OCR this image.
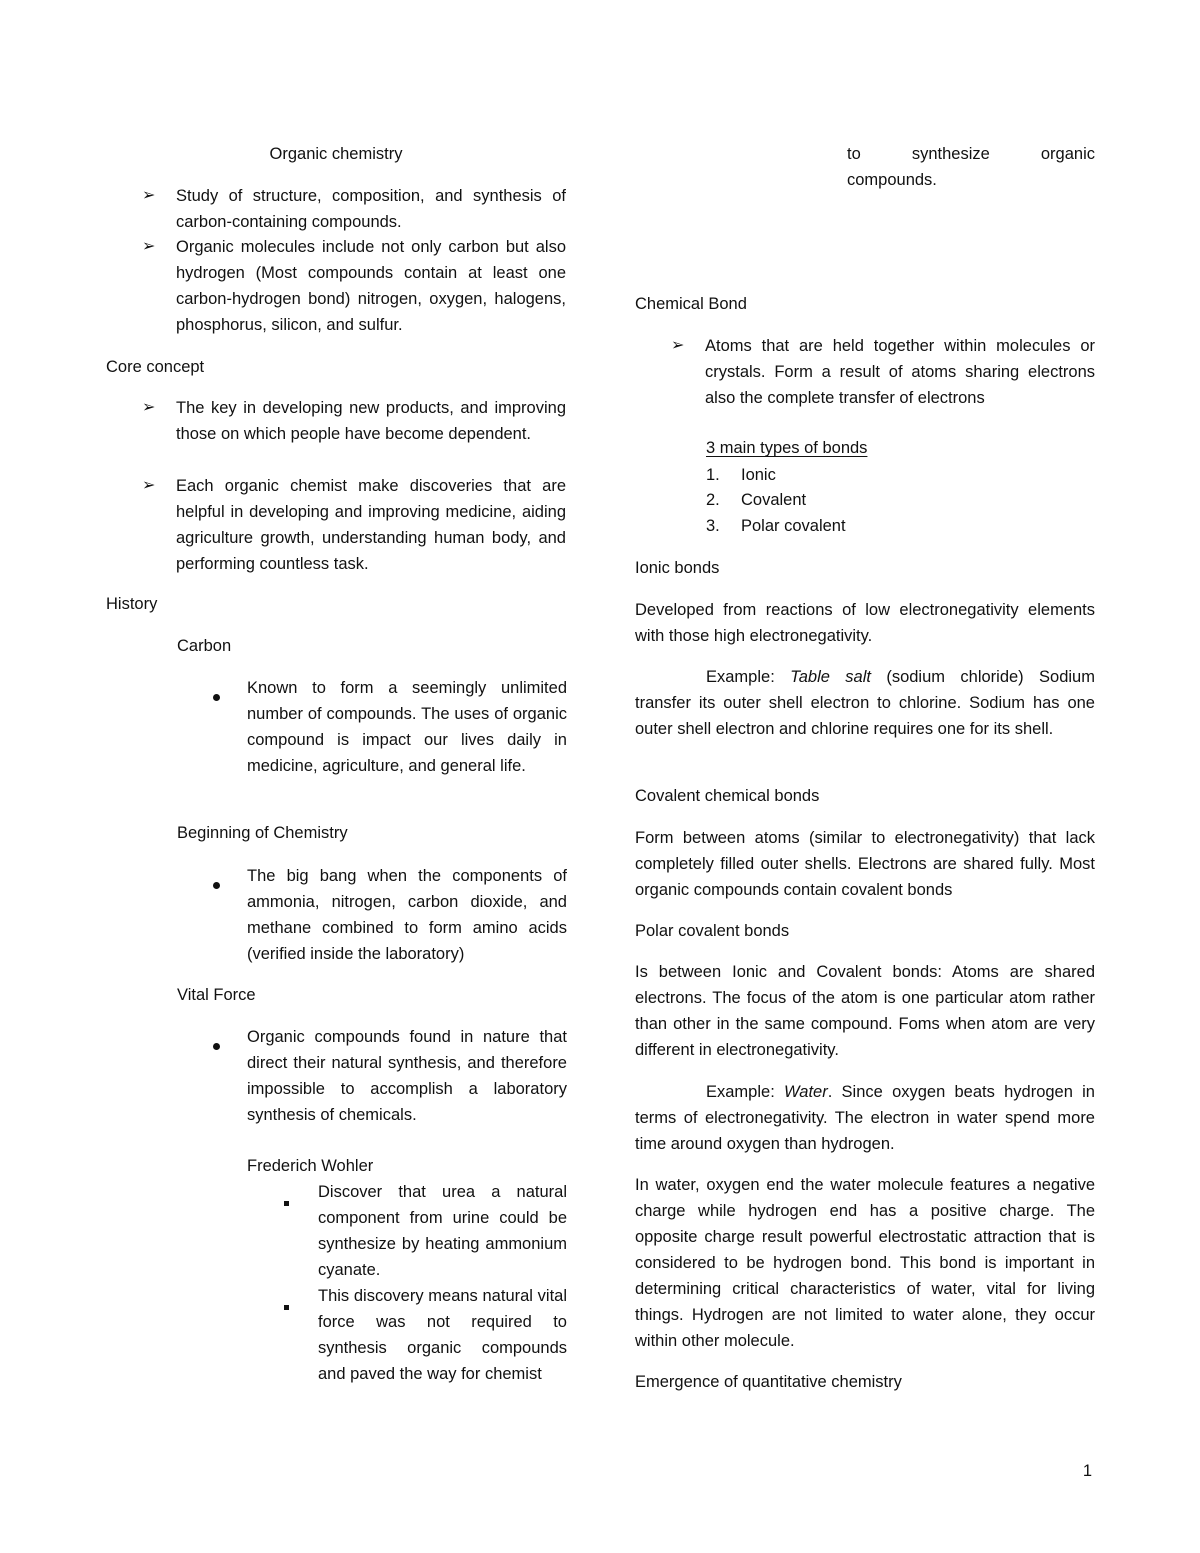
Organic chemistry
➢	Study of structure, composition, and synthesis of carbon-containing compounds.
➢	Organic molecules include not only carbon but also hydrogen (Most compounds contain at least one carbon-hydrogen bond) nitrogen, oxygen, halogens, phosphorus, silicon, and sulfur.
Core concept
➢	The key in developing new products, and improving those on which people have become dependent.
➢	Each organic chemist make discoveries that are helpful in developing and improving medicine, aiding agriculture growth, understanding human body, and performing countless task.
History
Carbon
Known to form a seemingly unlimited number of compounds. The uses of organic compound is impact our lives daily in medicine, agriculture, and general life.
Beginning of Chemistry
The big bang when the components of ammonia, nitrogen, carbon dioxide, and methane combined to form amino acids (verified inside the laboratory)
Vital Force
Organic compounds found in nature that direct their natural synthesis, and therefore impossible to accomplish a laboratory synthesis of chemicals.
Frederich Wohler
Discover that urea a natural component from urine could be synthesize by heating ammonium cyanate.
This discovery means natural vital force was not required to synthesis organic compounds and paved the way for chemist
to synthesize organic compounds.
Chemical Bond
➢	Atoms that are held together within molecules or crystals. Form a result of atoms sharing electrons also the complete transfer of electrons
3 main types of bonds
1. Ionic
2. Covalent
3. Polar covalent
Ionic bonds
Developed from reactions of low electronegativity elements with those high electronegativity.
Example: Table salt (sodium chloride) Sodium transfer its outer shell electron to chlorine. Sodium has one outer shell electron and chlorine requires one for its shell.
Covalent chemical bonds
Form between atoms (similar to electronegativity) that lack completely filled outer shells. Electrons are shared fully. Most organic compounds contain covalent bonds
Polar covalent bonds
Is between Ionic and Covalent bonds: Atoms are shared electrons. The focus of the atom is one particular atom rather than other in the same compound. Foms when atom are very different in electronegativity.
Example: Water. Since oxygen beats hydrogen in terms of electronegativity. The electron in water spend more time around oxygen than hydrogen.
In water, oxygen end the water molecule features a negative charge while hydrogen end has a positive charge. The opposite charge result powerful electrostatic attraction that is considered to be hydrogen bond. This bond is important in determining critical characteristics of water, vital for living things. Hydrogen are not limited to water alone, they occur within other molecule.
Emergence of quantitative chemistry
1
